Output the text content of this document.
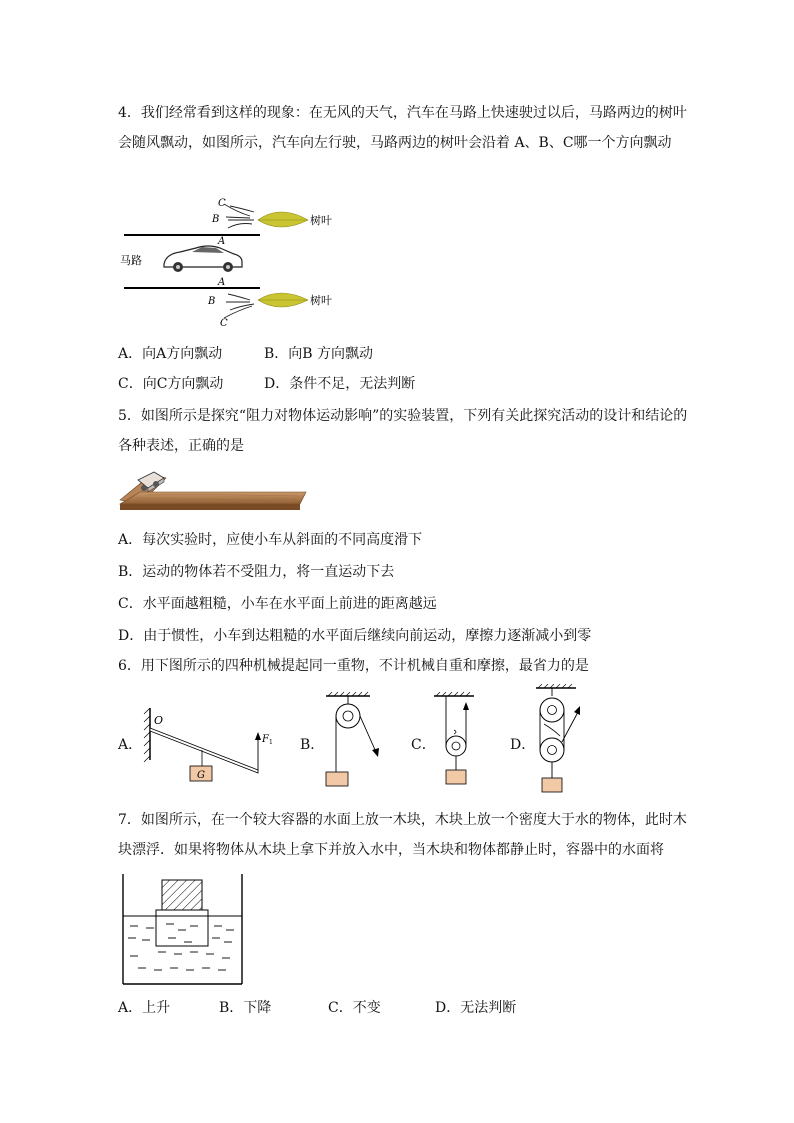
4．我们经常看到这样的现象：在无风的天气，汽车在马路上快速驶过以后，马路两边的树叶会随风飘动，如图所示，汽车向左行驶，马路两边的树叶会沿着 A、B、C哪一个方向飘动
马路
A
A
C
B
B
C
树叶
树叶
A．向A方向飘动	B．向B 方向飘动
C．向C方向飘动	D．条件不足，无法判断
5．如图所示是探究“阻力对物体运动影响”的实验装置，下列有关此探究活动的设计和结论的各种表述，正确的是
A．每次实验时，应使小车从斜面的不同高度滑下
B．运动的物体若不受阻力，将一直运动下去
C．水平面越粗糙，小车在水平面上前进的距离越远
D．由于惯性，小车到达粗糙的水平面后继续向前运动，摩擦力逐渐减小到零
6．用下图所示的四种机械提起同一重物，不计机械自重和摩擦，最省力的是
A．
O
G
F 1 B．	C．	D．
7．如图所示，在一个较大容器的水面上放一木块，木块上放一个密度大于水的物体，此时木块漂浮．如果将物体从木块上拿下并放入水中，当木块和物体都静止时，容器中的水面将
A．上升	B．下降	C．不变	D．无法判断
